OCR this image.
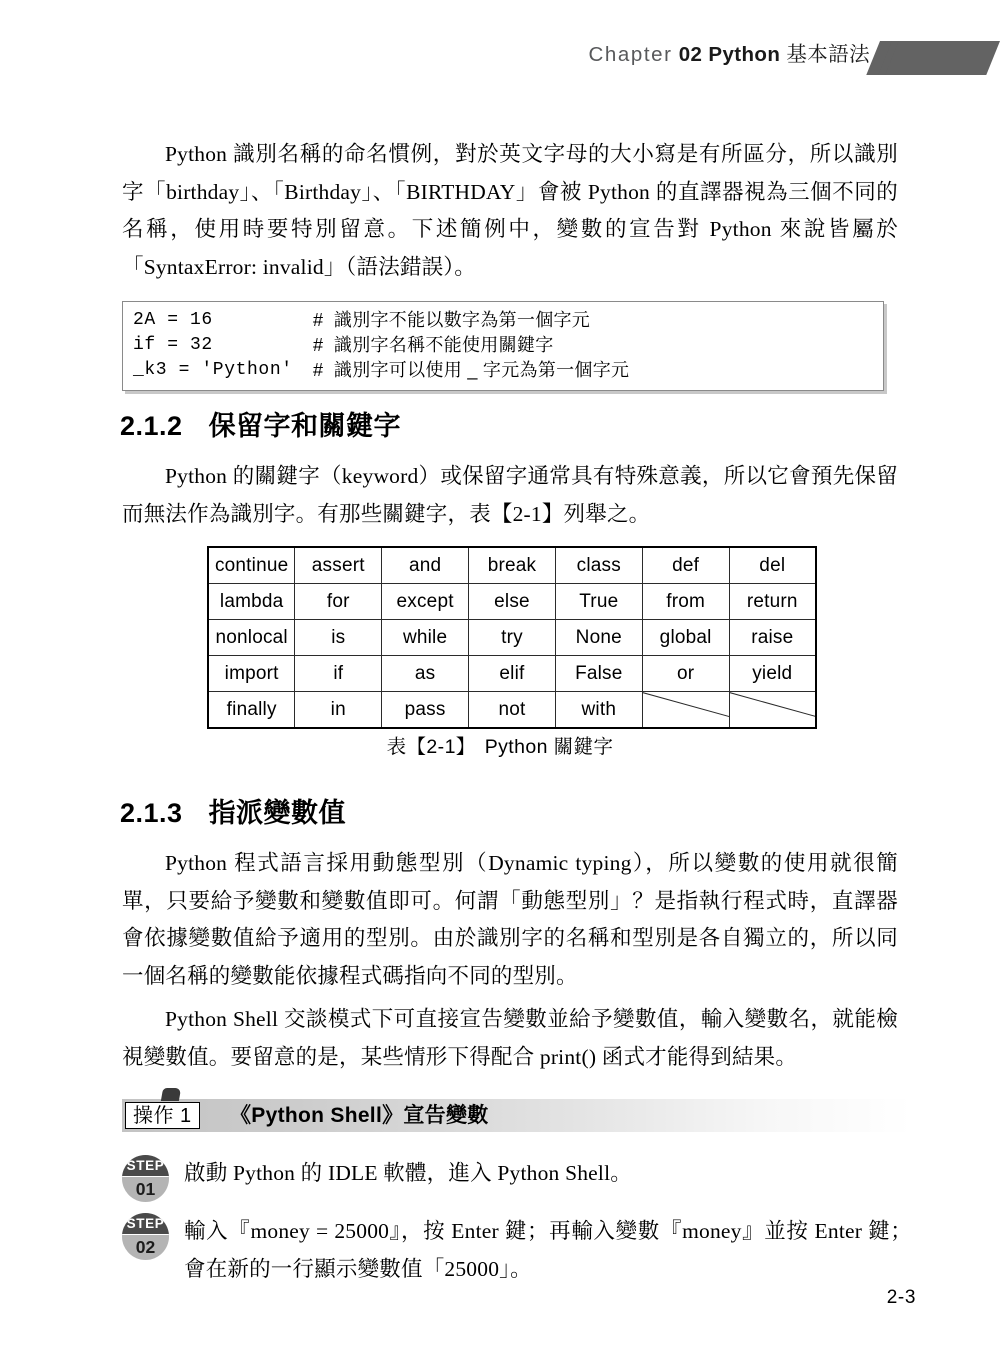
Chapter 02 Python 基本語法

Python 識別名稱的命名慣例，對於英文字母的大小寫是有所區分，所以識別字「birthday」、「Birthday」、「BIRTHDAY」會被 Python 的直譯器視為三個不同的名稱，使用時要特別留意。下述簡例中，變數的宣告對 Python 來說皆屬於「SyntaxError: invalid」（語法錯誤）。

2A = 16	#  識別字不能以數字為第一個字元
if = 32	#  識別字名稱不能使用關鍵字
_k3 = 'Python'	#  識別字可以使用 _ 字元為第一個字元
2.1.2 保留字和關鍵字

Python 的關鍵字（keyword）或保留字通常具有特殊意義，所以它會預先保留而無法作為識別字。有那些關鍵字，表【2-1】列舉之。

continue	assert	and	break	class	def	del
lambda	for	except	else	True	from	return
nonlocal	is	while	try	None	global	raise
import	if	as	elif	False	or	yield
finally	in	pass	not	with		
表【2-1】 Python 關鍵字
2.1.3 指派變數值

Python 程式語言採用動態型別（Dynamic typing），所以變數的使用就很簡單，只要給予變數和變數值即可。何謂「動態型別」？是指執行程式時，直譯器會依據變數值給予適用的型別。由於識別字的名稱和型別是各自獨立的，所以同一個名稱的變數能依據程式碼指向不同的型別。

Python Shell 交談模式下可直接宣告變數並給予變數值，輸入變數名，就能檢視變數值。要留意的是，某些情形下得配合 print() 函式才能得到結果。

操作 1	《Python Shell》宣告變數
STEP
01
啟動 Python 的 IDLE 軟體，進入 Python Shell。
STEP
02
輸入『money = 25000』，按 Enter 鍵；再輸入變數『money』並按 Enter 鍵；會在新的一行顯示變數值「25000」。
2-3
